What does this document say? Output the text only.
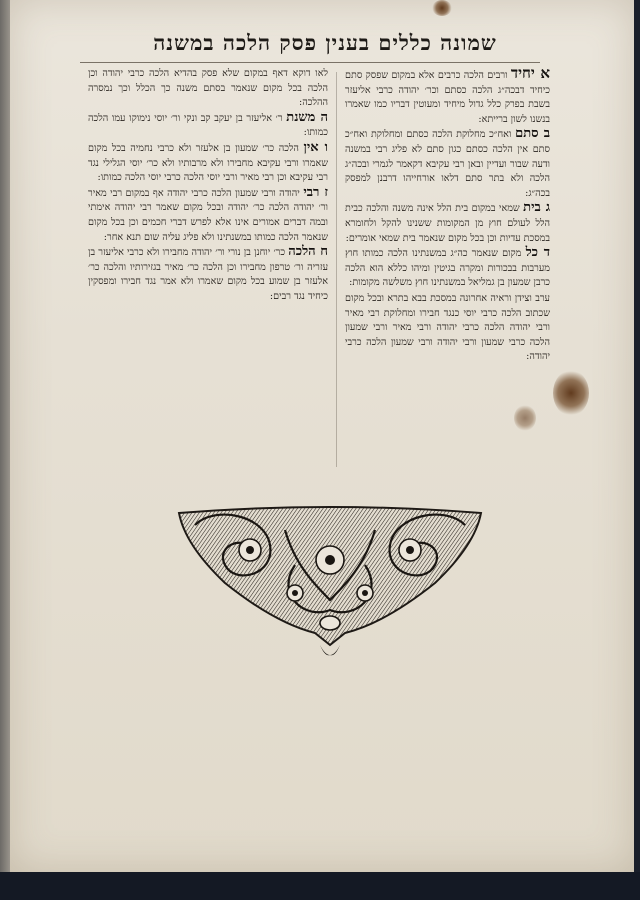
שמונה כללים בענין פסק הלכה במשנה

א יחיד ורבים הלכה כרבים אלא במקום שפסק סתם כיחיד דבכה״ג הלכה כסתם וכר׳ יהודה כרבי אליעזר בשבת בפרק כלל גדול מיחיד ומעוטין דבריו כמו שאמרו בנשנו לשון ברייתא:

ב סתם ואח״כ מחלוקת הלכה כסתם ומחלוקת ואח״כ סתם אין הלכה כסתם כגון סתם לא פליג רבי במשנה ודעה שבור ועדיין ובאן רבי עקיבא דקאמר לגמרי ובכה״ג הלכה ולא בתר סתם דלאו אורחייהו דרבנן למפסק בכה״ג:

ג בית שמאי במקום בית הלל אינה משנה והלכה כבית הלל לעולם חוץ מן המקומות ששנינו להקל ולחומרא במסכת עדיות וכן בכל מקום שנאמר בית שמאי אומרים:

ד כל מקום שנאמר כה״ג במשנתינו הלכה כמותו חוץ מערבות בבכורות ומקרה בגיטין ומיהו כללא הוא הלכה כרבן שמעון בן גמליאל במשנתינו חוץ משלשה מקומות:

ערב וצידן וראיה אחרונה במסכת בבא בתרא ובכל מקום שכתוב הלכה כרבי יוסי כנגד חבירו ומחלוקת רבי מאיר ורבי יהודה הלכה כרבי יהודה ורבי מאיר ורבי שמעון הלכה כרבי שמעון ורבי יהודה ורבי שמעון הלכה כרבי יהודה:

לאו דוקא דאף במקום שלא פסק בהדיא הלכה כרבי יהודה וכן הלכה בכל מקום שנאמר בסתם משנה כך הכלל וכך נמסרה ההלכה:

ה משנת ר׳ אליעזר בן יעקב קב ונקי ור׳ יוסי נימוקו עמו הלכה כמותו:

ו אין הלכה כר׳ שמעון בן אלעזר ולא כרבי נחמיה בכל מקום שאמרו ורבי עקיבא מחבירו ולא מרבותיו ולא כר׳ יוסי הגלילי נגד רבי עקיבא וכן רבי מאיר ורבי יוסי הלכה כרבי יוסי הלכה כמותו:

ז רבי יהודה ורבי שמעון הלכה כרבי יהודה אף במקום רבי מאיר ור׳ יהודה הלכה כר׳ יהודה ובכל מקום שאמר רבי יהודה אימתי ובמה דברים אמורים אינו אלא לפרש דברי חכמים וכן בכל מקום שנאמר הלכה כמותו במשנתינו ולא פליג עליה שום תנא אחר:

ח הלכה כר׳ יוחנן בן נורי ור׳ יהודה מחבירו ולא כרבי אליעזר בן עזריה ור׳ טרפון מחבירו וכן הלכה כר׳ מאיר בגזירותיו והלכה כר׳ אלעזר בן שמוע בכל מקום שאמרו ולא אמר נגד חבירו ומפסקין כיחיד נגד רבים:
